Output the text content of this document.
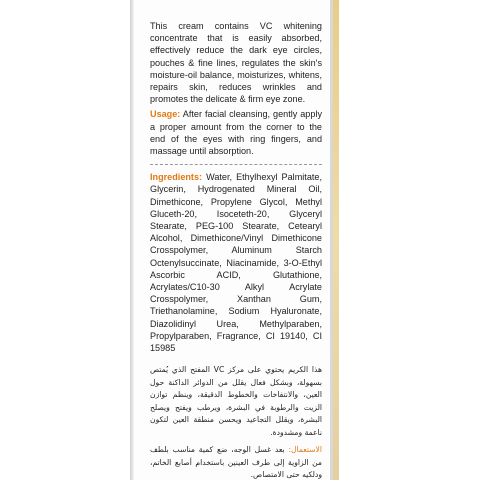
This cream contains VC whitening concentrate that is easily absorbed, effectively reduce the dark eye circles, pouches & fine lines, regulates the skin's moisture-oil balance, moisturizes, whitens, repairs skin, reduces wrinkles and promotes the delicate & firm eye zone.

Usage: After facial cleansing, gently apply a proper amount from the corner to the end of the eyes with ring fingers, and massage until absorption.

Ingredients: Water, Ethylhexyl Palmitate, Glycerin, Hydrogenated Mineral Oil, Dimethicone, Propylene Glycol, Methyl Gluceth-20, Isoceteth-20, Glyceryl Stearate, PEG-100 Stearate, Cetearyl Alcohol, Dimethicone/Vinyl Dimethicone Crosspolymer, Aluminum Starch Octenylsuccinate, Niacinamide, 3-O-Ethyl Ascorbic ACID, Glutathione, Acrylates/C10-30 Alkyl Acrylate Crosspolymer, Xanthan Gum, Triethanolamine, Sodium Hyaluronate, Diazolidinyl Urea, Methylparaben, Propylparaben, Fragrance, CI 19140, CI 15985

هذا الكريم يحتوي على مركز VC المفتح الذي يُمتص بسهولة، وبشكل فعال يقلل من الدوائر الداكنة حول العين، والانتفاخات والخطوط الدقيقة، وينظم توازن الزيت والرطوبة في البشرة، ويرطب ويفتح ويصلح البشرة، ويقلل التجاعيد ويحسن منطقة العين لتكون ناعمة ومشدودة.

الاستعمال: بعد غسل الوجه، ضع كمية مناسب بلطف من الزاوية إلى طرف العينين باستخدام أصابع الخاتم، ودلكيه حتى الامتصاص.
